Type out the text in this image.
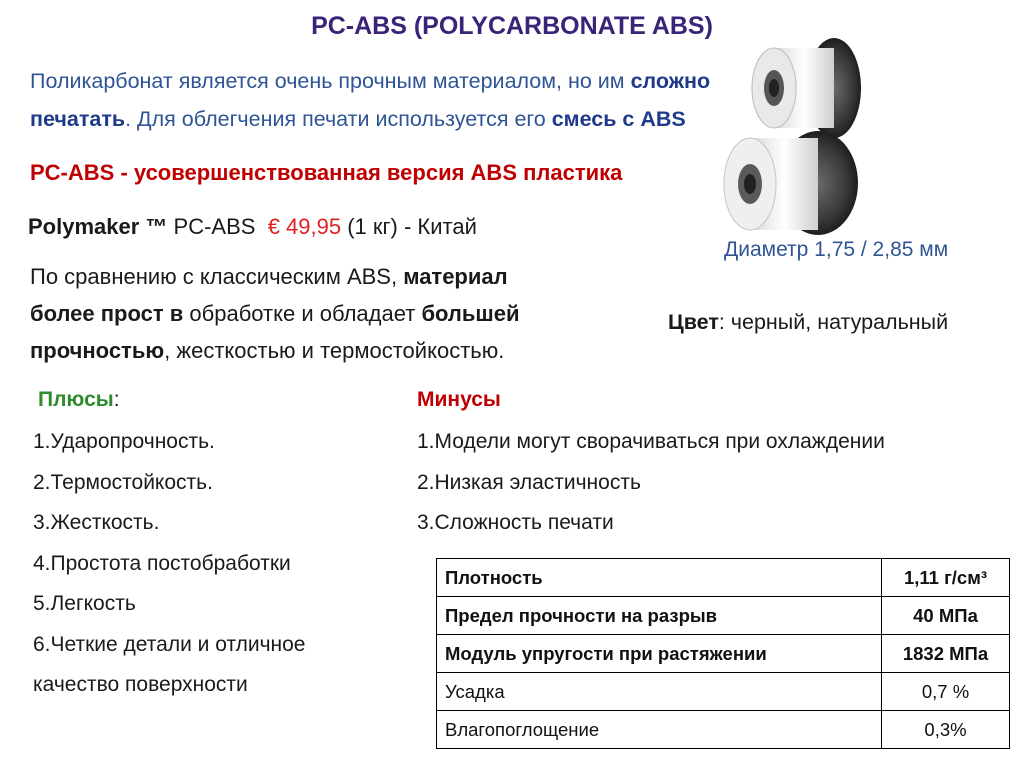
PC-ABS (POLYCARBONATE ABS)
Поликарбонат является очень прочным материалом, но им сложно
печатать. Для облегчения печати используется его смесь с ABS
PC-ABS - усовершенствованная версия ABS пластика
Polymaker ™ PC-ABS € 49,95 (1 кг) - Китай
По сравнению с классическим ABS, материал
более прост в обработке и обладает большей
прочностью, жесткостью и термостойкостью.
Диаметр 1,75 / 2,85 мм
Цвет: черный, натуральный
Плюсы:	Минусы
1.Ударопрочность.
2.Термостойкость.
3.Жесткость.
4.Простота постобработки
5.Легкость
6.Четкие детали и отличное
качество поверхности
1.Модели могут сворачиваться при охлаждении
2.Низкая эластичность
3.Сложность печати
Плотность	1,11 г/см³
Предел прочности на разрыв	40 МПа
Модуль упругости при растяжении	1832 МПа
Усадка	0,7 %
Влагопоглощение	0,3%
